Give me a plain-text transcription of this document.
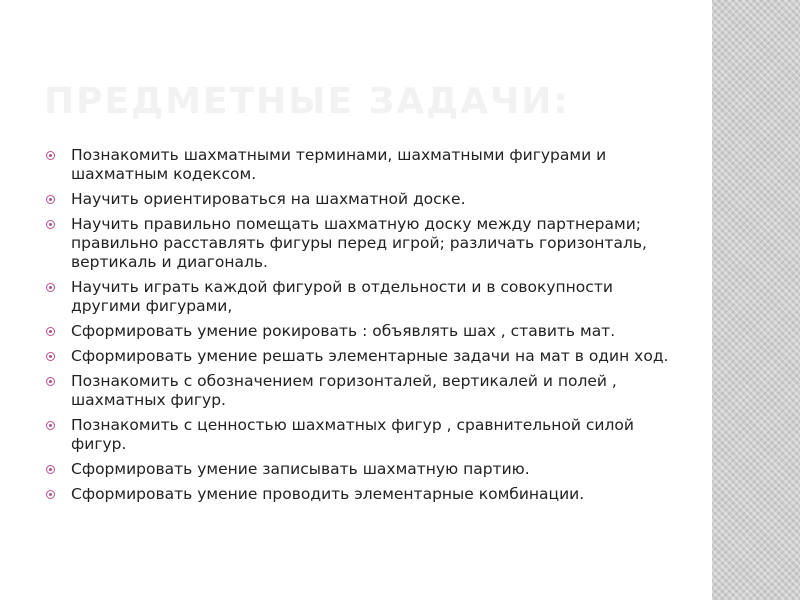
ПРЕДМЕТНЫЕ ЗАДАЧИ:
Познакомить шахматными терминами, шахматными фигурами и шахматным кодексом.
Научить ориентироваться на шахматной доске.
Научить правильно помещать шахматную доску между партнерами; правильно расставлять фигуры перед игрой; различать горизонталь, вертикаль и диагональ.
Научить играть каждой фигурой в отдельности и в совокупности другими фигурами,
Сформировать умение рокировать : объявлять шах , ставить мат.
Сформировать умение решать элементарные задачи на мат в один ход.
Познакомить с обозначением горизонталей, вертикалей и полей , шахматных фигур.
Познакомить с ценностью шахматных фигур , сравнительной силой фигур.
Сформировать умение записывать шахматную партию.
Сформировать умение проводить элементарные комбинации.
